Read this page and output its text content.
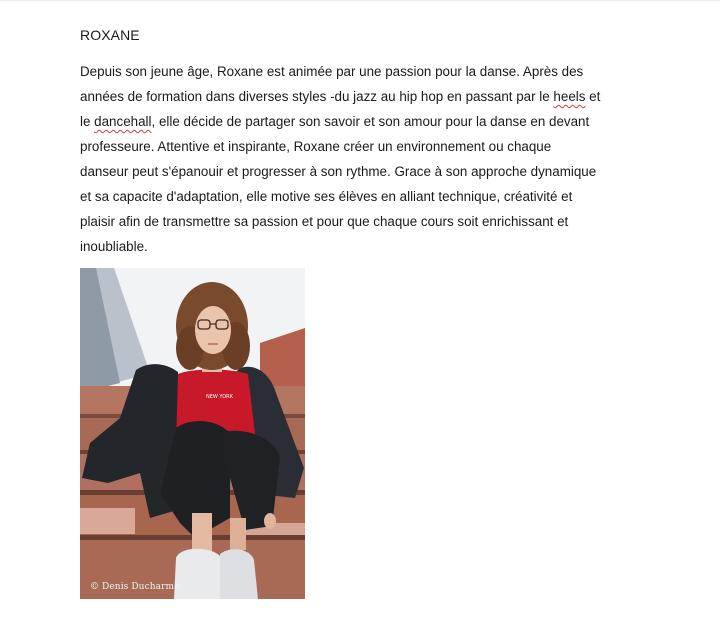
ROXANE
Depuis son jeune âge, Roxane est animée par une passion pour la danse. Après des
années de formation dans diverses styles -du jazz au hip hop en passant par le heels et
le dancehall, elle décide de partager son savoir et son amour pour la danse en devant
professeure. Attentive et inspirante, Roxane créer un environnement ou chaque
danseur peut s'épanouir et progresser à son rythme. Grace à son approche dynamique
et sa capacite d'adaptation, elle motive ses élèves en alliant technique, créativité et
plaisir afin de transmettre sa passion et pour que chaque cours soit enrichissant et
inoubliable.
NEW YORK
© Denis Ducharme
